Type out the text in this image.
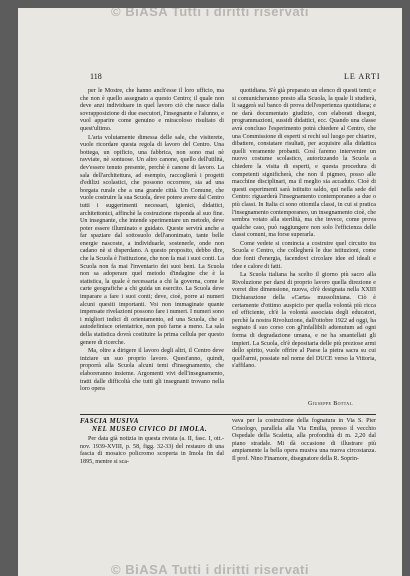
© BiASA Tutti i diritti riservati
118	LE ARTI

per le Mostre, che hanno anch'esse il loro ufficio, ma che non è quello assegnato a questo Centro; il quale non deve anzi individuare in quel lavoro ciò che nasce dalla sovrapposizione di due esecutori, l'insegnante e l'alunno, e vuol apparire come genuino e miracoloso risultato di quest'ultimo.

L'aria volutamente dimessa delle sale, che visiterete, vuole ricordare questa regola di lavoro del Centro. Una bottega, un opificio, una fabbrica, non sono mai nè ravviate, nè sontuose. Un altro canone, quello dell'utilità, dev'essere tenuto presente, perchè è canone di lavoro. La sala dell'architettura, ad esempio, raccoglierà i progetti d'edilizi scolastici, che possono occorrere, sia ad una borgata rurale che a una grande città. Un Comune, che vuole costruire la sua Scuola, deve potere avere dal Centro tutti i suggerimenti necessari, igienici, didattici, architettonici, affinchè la costruzione risponda al suo fine. Un insegnante, che intende sperimentare un metodo, deve poter essere illuminato e guidato. Queste servirà anche a far spaziare dal sottosuolo dell'anonimato, tante belle energie nascoste, a individuarle, sostenerle, onde non cadano nè si disperdano. A questo proposito, debbo dire, che la Scuola è l'istituzione, che non fa mai i suoi conti. La Scuola non fa mai l'inventario dei suoi beni. La Scuola non sa adoperare quel metodo d'indagine che è la statistica, la quale è necessaria a chi la governa, come le carte geografiche a chi guida un esercito. La Scuola deve imparare a fare i suoi conti; deve, cioè, porre ai numeri alcuni quesiti importanti. Voi non immaginate quante impensate rivelazioni possono fare i numeri. I numeri sono i migliori indici di orientamento, ed una Scuola, che si autodefinisce orientatrice, non può farne a meno. La sala della statistica dovrà costituire la prima cellula per questo genere di ricerche.

Ma, oltre a dirigere il lavoro degli altri, il Centro deve iniziare un suo proprio lavoro. Quest'anno, quindi, proporrà alla Scuola alcuni temi d'insegnamento, che elaboreranno insieme. Argomenti vivi dell'insegnamento, tratti dalle difficoltà che tutti gli insegnanti trovano nella loro opera

quotidiana. S'è già preparato un elenco di questi temi; e si comunicheranno presto alla Scuola, la quale li studierà, li saggerà sul banco di prova dell'esperienza quotidiana; e ne darà documentato giudizio, con elaborati disegni, programmazioni, sussidi didattici, ecc. Quando una classe avrà concluso l'esperimento potrà chiedere al Centro, che una Commissione di esperti si rechi sul luogo per chiarire, dibattere, constatare risultati, per acquisire alla didattica quelli veramente probanti. Così faremo intervenire un nuovo costume scolastico, autorizzando la Scuola a chiedere la visita di esperti, e questa procedura di competenti significherà, che non il pigmeo, posso alle macchine disciplinari, ma il meglio sia accaduto. Cioè di questi esperimenti sarà istituito saldo, qui nella sede del Centro: riguarderà l'insegnamento contemporaneo a due o più classi. In Italia ci sono ottomila classi, in cui si pratica l'insegnamento contemporaneo, un insegnamento cioè, che sembra votato alla sterilità, ma che invece, come prova qualche caso, può raggiungere non solo l'efficienza delle classi comuni, ma forse superarla.

Come vedete si comincia a costruire quel circuito tra Scuola e Centro, che collegherà le due istituzioni, come due fonti d'energia, facendovi circolare idee ed ideali e idee e calore di fatti.

La Scuola italiana ha scelto il giorno più sacro alla Rivoluzione per darsi di proprio lavoro quella direzione e vorrei dire dimensione, nuova, ch'è designata nella XXIII Dichiarazione della «Carta» mussoliniana. Ciò è certamente d'ottimo auspicio per quella volontà più ricca ed efficiente, ch'è la volontà associata degli educatori, perchè la nostra Rivoluzione, dall'ottobre 1922 ad oggi, ha segnato il suo corso con gl'infallibili adtenutum ad ogni forma di degradazione umana, e ne ha smantellati gli impieri. La Scuola, ch'è depositaria delle più preziose armi dello spirito, vuole offrire al Paese la pietra sacra su cui quell'armi, possiate nel nome del DUCE verso la Vittoria, s'affilano.

Giuseppe Bottai.
FASCIA MUSIVA
NEL MUSEO CIVICO DI IMOLA.

Per data già notizia in questa rivista (a. II, fasc. I, ott.-nov. 1939-XVIII, p. 58, figg. 32-33) del restauro di una fascia di mosaico policromo scoperta in Imola fin dal 1895, mentre si sca-

vava per la costruzione della fognatura in Via S. Pier Crisologo, parallela alla Via Emilia, presso il vecchio Ospedale della Scaletta, alla profondità di m. 2,20 dal piano stradale. Mi dà occasione di illustrare più ampiamente la bella opera musiva una nuova circostanza. Il prof. Nino Finamore, disegnatore della R. Soprin-

© BiASA Tutti i diritti riservati
